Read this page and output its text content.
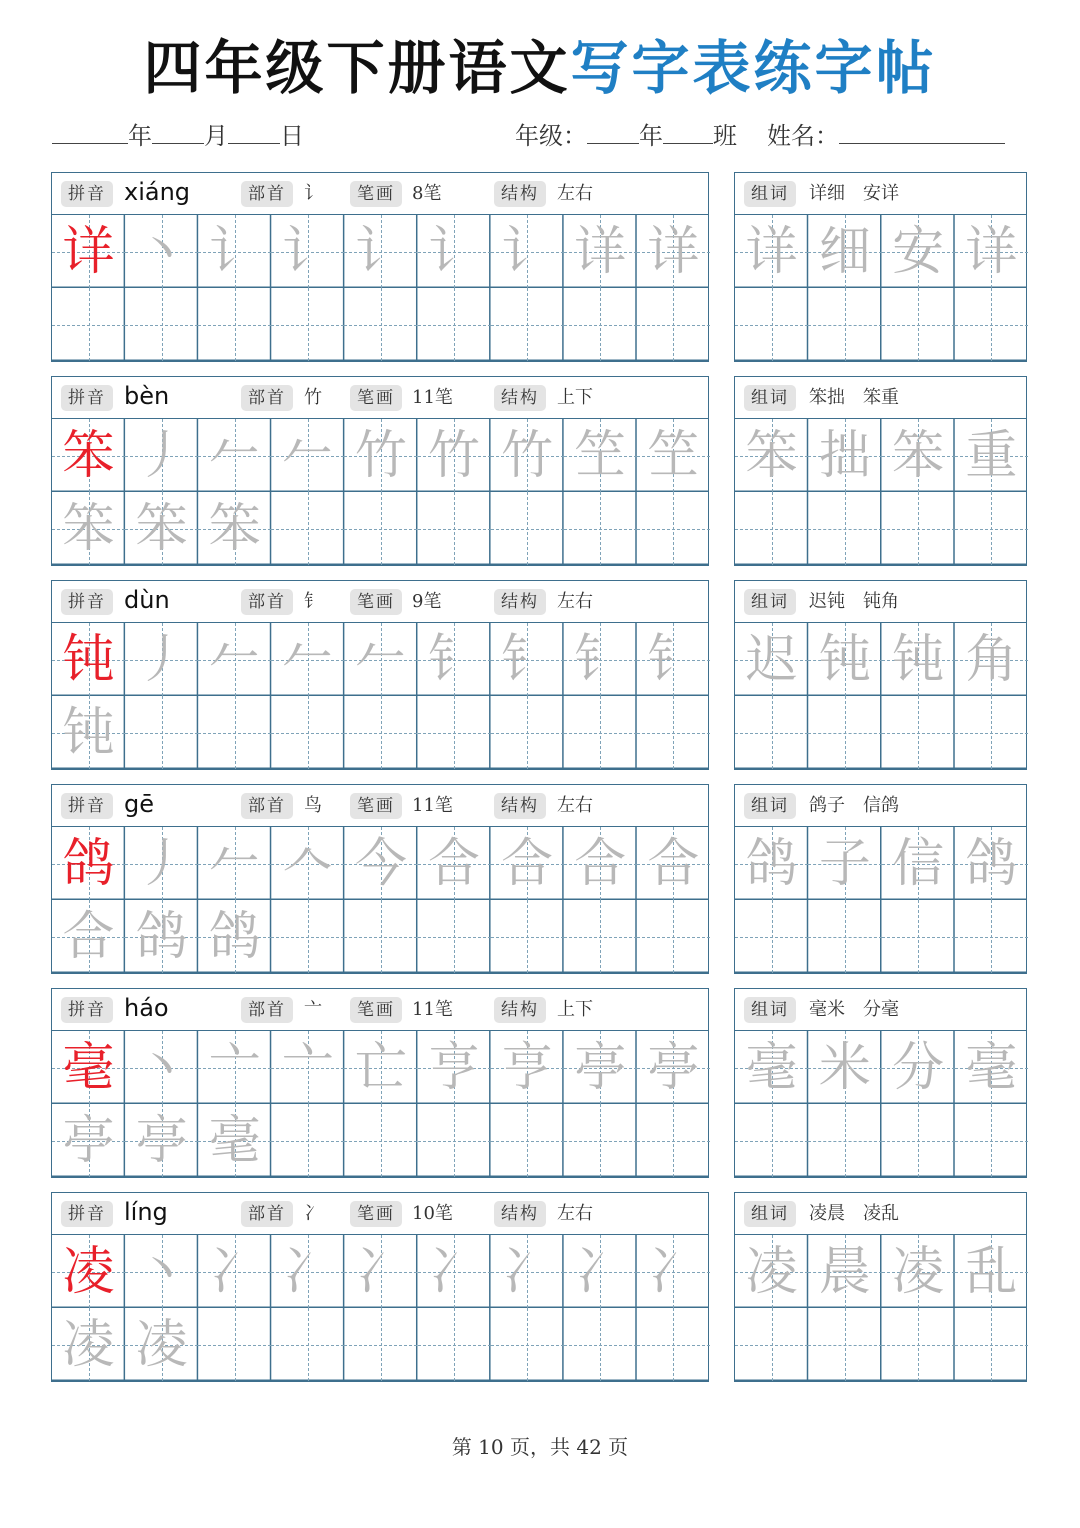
四年级下册语文写字表练字帖
年 月 日	年级： 年 班 姓名：
拼音 xiáng	部首	讠	笔画 8笔	结构	左右
详 丶 讠 讠 讠 讠 讠 详 详
组词	详细　安详
详 细 安 详
拼音 bèn	部首	竹	笔画 11笔	结构	上下
笨 丿 𠂉 𠂉 竹 竹 竹 笁 笁
笨 笨 笨
组词	笨拙　笨重
笨 拙 笨 重
拼音 dùn	部首	钅	笔画 9笔	结构	左右
钝 丿 𠂉 𠂉 𠂉 钅 钅 钅 钅
钝
组词	迟钝　钝角
迟 钝 钝 角
拼音 gē	部首	鸟	笔画 11笔	结构	左右
鸽 丿 𠂉 𠆢 今 合 合 合 合
合 鸽 鸽
组词	鸽子　信鸽
鸽 子 信 鸽
拼音 háo	部首	亠	笔画 11笔	结构	上下
毫 丶 亠 亠 亡 亨 亨 亭 亭
亭 亭 毫
组词	毫米　分毫
毫 米 分 毫
拼音 líng	部首	冫	笔画 10笔	结构	左右
凌 丶 冫 冫 冫 冫 冫 冫 冫
凌 凌
组词	凌晨　凌乱
凌 晨 凌 乱
第 10 页，共 42 页
